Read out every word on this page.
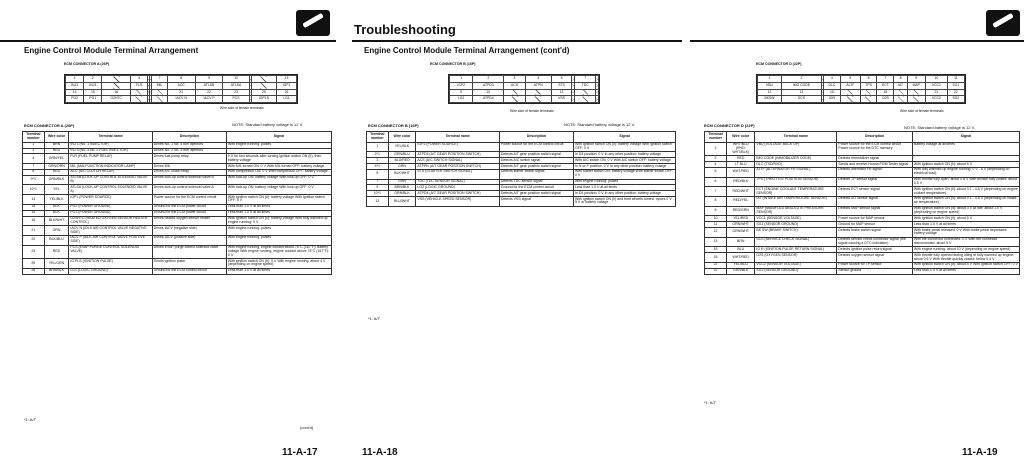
Engine Control Module Terminal Arrangement
ECM CONNECTOR A (26P)
1	2		4			7	8	9	10			13
INJ1	INJ3		FLR			MIL	ACC	ATLSB	ATLSA			IGP1
14	15	16					21	22	23		25	26
PG2	PG1	O2HTC					IACV N	IACV P	PCS		IGPLS	LG1
Wire side of female terminals
ECM CONNECTOR A (26P)	NOTE: Standard battery voltage is 12 V.
Terminal number	Wire color	Terminal name	Description	Signal
1	BRN	INJ 1 (No. 1 INJECTOR)	Drives No. 1 No. 4 fuel injectors	With engine running: pulses
2	RED	INJ 3 (No. 3 No. 2 FUEL INJECTOR)	Drives No. 2 No. 3 fuel injectors	
4	GRN/YEL	FLR (FUEL PUMP RELAY)	Drives fuel pump relay	0 V for two seconds after turning ignition switch ON (II), then battery voltage
7	GRN/ORN	MIL (MALFUNCTION INDICATOR LAMP)	Drives MIL	With MIL turned ON: 0 V With MIL turned OFF: battery voltage
8	RED	ACC (A/C CLUTCH RELAY)	Drives A/C clutch relay	With compressor ON: 0 V With compressor OFF: battery voltage
9*1	GRN/BLK	ATLSB (LOCK-UP CONTROL SOLENOID VALVE B)	Drives lock-up control solenoid valve B	With lock-up ON: battery voltage With lock-up OFF: 0 V
10*1	YEL	ATLSA (LOCK-UP CONTROL SOLENOID VALVE A)	Drives lock-up control solenoid valve A	With lock-up ON: battery voltage With lock-up OFF: 0 V
13	YEL/BLK	IGP1 (POWER SOURCE)	Power source for the ECM control circuit	With ignition switch ON (II): battery voltage With ignition switch OFF: 0 V
14	BLK	PG2 (POWER GROUND)	Ground for the ECM power circuit	Less than 1.0 V at all times
15	BLK	PG1 (POWER GROUND)	Ground for the ECM power circuit	Less than 1.0 V at all times
16	BLK/WHT	O2SHTC (HEATED OXYGEN SENSOR HEATER CONTROL)	Drives heated oxygen sensor heater	With ignition switch ON (II): battery voltage With fully warmed up engine running: 0 V
21	ORN	IACV N (IDLE AIR CONTROL VALVE NEGATIVE SIDE)	Drives IACV (negative side)	With engine running: pulses
22	BLK/BLU	IACV P (IDLE AIR CONTROL VALVE POSITIVE SIDE)	Drives IACV (positive side)	With engine running: pulses
23	RED	PCS (EVAP PURGE CONTROL SOLENOID VALVE)	Drives EVAP purge control solenoid valve	With engine running, engine coolant below 75°C (167°F): battery voltage With engine running, engine coolant above 75°C (167°F): 0 V
25	YEL/GRN	IG PLS (IGNITION PULSE)	Sends ignition pulse	With ignition switch ON (II): 0 V With engine running: about 4 V (depending on engine speed)
26	BRN/BLK	LG1 (LOGIC GROUND)	Ground for the ECM control circuit	Less than 1.0 V at all times
*1: A/T
(cont'd)
11-A-17
Troubleshooting
Engine Control Module Terminal Arrangement (cont'd)
ECM CONNECTOR B (16P)
1	2	3	4	5		7	
IGP2	ATPD3	ACS	ATPN	STS		TDC	
9	10			13			
LG2	ATPD4			VSS			
Wire side of female terminals
ECM CONNECTOR B (16P)	NOTE: Standard battery voltage is 12 V.
Terminal number	Wire color	Terminal name	Description	Signal
1	YEL/BLK	IGP2 (POWER SOURCE)	Power source for the ECM control circuit	With ignition switch ON (II): battery voltage With ignition switch OFF: 0 V
2*1	GRN/BLU	ATPD3 (A/T GEAR POSITION SWITCH)	Detects A/T gear position switch signal	In D3 position: 0 V In any other position: battery voltage
3	BLU/RED	ACS (A/C SWITCH SIGNAL)	Detects A/C switch signal	With A/C switch ON: 0 V With A/C switch OFF: battery voltage
4*1	GRN	ATPPN (A/T GEAR POSITION SWITCH)	Detects A/T gear position switch signal	In N or P position: 0 V In any other position: battery voltage
5	BLK/WHT	STS (STARTER SWITCH SIGNAL)	Detects starter switch signal	With starter switch ON: battery voltage With starter switch OFF: 0 V
7	GRN	TDC (TDC SENSOR SIGNAL)	Detects TDC sensor signal	With engine running: pulses
9	BRN/BLK	LG2 (LOGIC GROUND)	Ground for the ECM control circuit	Less than 1.0 V at all times
10*1	GRN/BLK	ATPD4 (A/T GEAR POSITION SWITCH)	Detects A/T gear position switch signal	In D4 position: 0 V In any other position: battery voltage
13	BLU/WHT	VSS (VEHICLE SPEED SENSOR)	Detects VSS signal	With ignition switch ON (II) and front wheels turned: cycles 0 V - 5 V or battery voltage
*1: A/T
11-A-18
ECM CONNECTOR D (22P)
1	2		4	5	6	7	8	9	10	11
VBU	IMO CODE		DLC	ALTF	TPS	ECT	IAT	MAP	VCC1	SG1
12	13		15			18			21	22
BKSW	SCS		IGR			O2S			VCC2	SG2
Wire side of female terminals
ECM CONNECTOR D (22P)	NOTE: Standard battery voltage is 12 V.
Terminal number	Wire color	Terminal name	Description	Signal
1	WHT/BLU (RHD: WHT/BLK)	VBU (VOLTAGE BACK UP)	Power source for the ECM control circuit Power source for the DTC memory	Battery voltage at all times
2	RED	IMO CODE (IMMOBILIZER CODE)	Detects Immobilizer signal	
4	LT BLU	DLC (TXD/RXD)	Sends and receive Honda PGM Tester signal	With ignition switch ON (II): about 5 V
5	WHT/RED	ALTF (ALTERNATOR FR SIGNAL)	Detects alternator FR signal	With fully warmed up engine running: 0 V - 5 V (depending on electrical load)
6	RED/BLK	TPS (THROTTLE POSITION SENSOR)	Detects TP sensor signal	With throttle fully open: about 4.8 V With throttle fully closed: about 0.5 V
7	RED/WHT	ECT (ENGINE COOLANT TEMPERATURE SENSOR)	Detects ECT sensor signal	With ignition switch ON (II): about 0.1 - 4.8 V (depending on engine coolant temperature)
8	RED/YEL	IAT (INTAKE AIR TEMPERATURE SENSOR)	Detects IAT sensor signal	With ignition switch ON (II): about 0.1 - 4.8 V (depending on intake air temperature)
9	RED/GRN	MAP (MANIFOLD ABSOLUTE PRESSURE SENSOR)	Detects MAP sensor signal	With ignition switch ON (II): about 3 V At idle: about 1.0 V (depending on engine speed)
10	YEL/RED	VCC1 (SENSOR VOLTAGE)	Power source for MAP sensor	With ignition switch ON (II): about 5 V
11	GRN/WHT	SG1 (SENSOR GROUND)	Ground for MAP sensor	Less than 1.0 V at all times
12	GRN/WHT	BK SW (BRAKE SWITCH)	Detects brake switch signal	With brake pedal released: 0 V With brake pedal depressed: battery voltage
13	BRN	SCS (SERVICE CHECK SIGNAL)	Detects service check connector signal (the signal causing a DTC indication)	With the connector connected: 0 V With the connector disconnected: about 5 V
15	BLU	IG R (IGNITION PULSE RETURN SIGNAL)	Detects ignition pulse return signal	With engine running: about 10 V (depending on engine speed)
18	WHT/RED	O2S (OXYGEN SENSOR)	Detects oxygen sensor signal	With throttle fully opened during idling of fully warmed up engine: about 0.6 V With throttle quickly closed: below 0.4 V
21	YEL/BLU	VCC2 (SENSOR VOLTAGE)	Power source for TP sensor	With ignition switch ON (II): about 5 V With ignition switch OFF: 0 V
22	GRN/BLK	SG2 (SENSOR GROUND)	Sensor ground	Less than 1.0 V at all times
*1: A/T
11-A-19
